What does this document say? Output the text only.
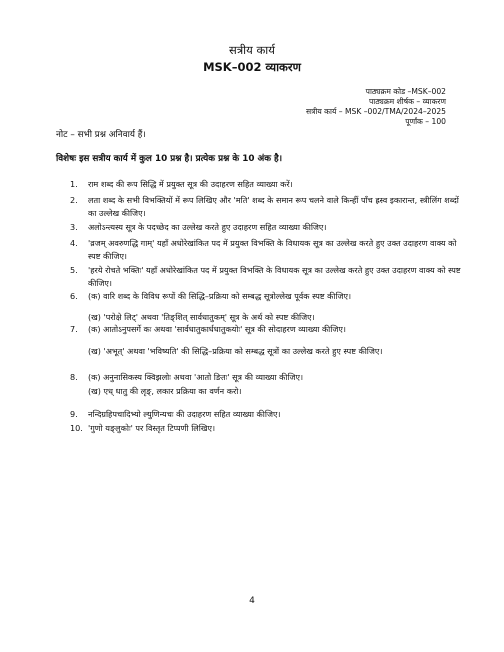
सत्रीय कार्य
MSK–002 व्याकरण
पाठ्यक्रम कोड –MSK–002
पाठ्यक्रम शीर्षक – व्याकरण
सत्रीय कार्य – MSK –002/TMA/2024–2025
पूर्णांक – 100
नोट – सभी प्रश्न अनिवार्य हैं।
विशेषः इस सत्रीय कार्य में कुल 10 प्रश्न है। प्रत्येक प्रश्न के 10 अंक है।
1.	राम शब्द की रूप सिद्धि में प्रयुक्त सूत्र की उदाहरण सहित व्याख्या करें।
2.	लता शब्द के सभी विभक्तियों में रूप लिखिए और 'मति' शब्द के समान रूप चलने वाले किन्हीं पाँच ह्रस्व इकारान्त, स्त्रीलिंग शब्दों का उल्लेख कीजिए।
3.	अलोऽन्त्यस्य सूत्र के पदच्छेद का उल्लेख करते हुए उदाहरण सहित व्याख्या कीजिए।
4.	'व्रजम् अवरुणद्धि गाम्' यहाँ अधोरेखांकित पद में प्रयुक्त विभक्ति के विधायक सूत्र का उल्लेख करते हुए उक्त उदाहरण वाक्य को स्पष्ट कीजिए।
5.	'हरये रोचते भक्तिः' यहाँ अधोरेखांकित पद में प्रयुक्त विभक्ति के विधायक सूत्र का उल्लेख करते हुए उक्त उदाहरण वाक्य को स्पष्ट कीजिए।
6.	(क) वारि शब्द के विविध रूपों की सिद्धि–प्रक्रिया को सम्बद्ध सूत्रोल्लेख पूर्वक स्पष्ट कीजिए।
(ख) 'परोक्षे लिट्' अथवा 'तिङ्शित् सार्वधातुकम्' सूत्र के अर्थ को स्पष्ट कीजिए।
7.	(क) आतोऽनुपसर्गे कः अथवा 'सार्वधातुकार्धधातुकयोः' सूत्र की सोदाहरण व्याख्या कीजिए।
(ख) 'अभूत्' अथवा 'भविष्यति' की सिद्धि–प्रक्रिया को सम्बद्ध सूत्रों का उल्लेख करते हुए स्पष्ट कीजिए।
8.	(क) अनुनासिकस्य क्विझलोः अथवा 'आतो ङितः' सूत्र की व्याख्या कीजिए।
(ख) एध् धातु की लृङ्, लकार प्रक्रिया का वर्णन करो।
9.	नन्दिग्रहिपचादिभ्यो ल्युणिन्यचः की उदाहरण सहित व्याख्या कीजिए।
10. 'गुणो यङ्लुकोः' पर विस्तृत टिप्पणी लिखिए।
4
